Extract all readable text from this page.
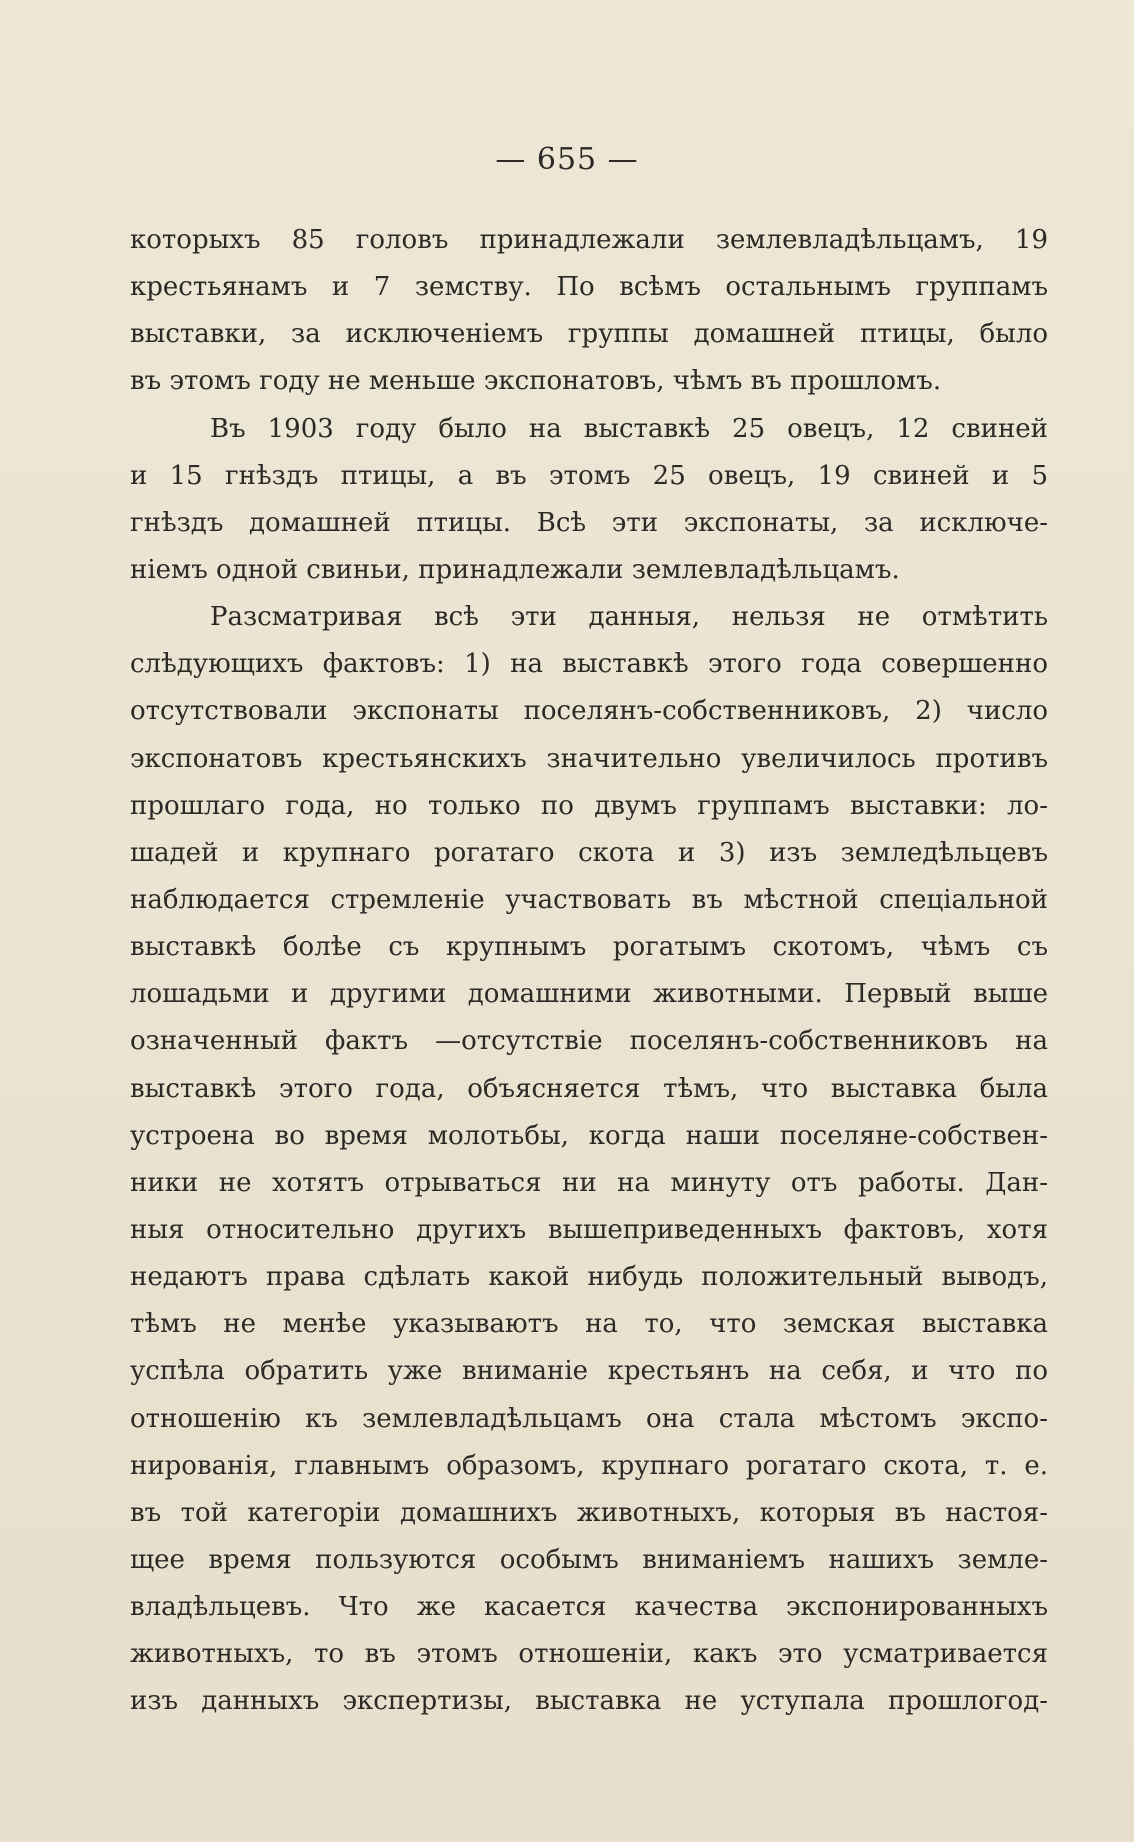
— 655 —
которыхъ 85 головъ принадлежали землевладѣльцамъ, 19
крестьянамъ и 7 земству. По всѣмъ остальнымъ группамъ
выставки, за исключеніемъ группы домашней птицы, было
въ этомъ году не меньше экспонатовъ, чѣмъ въ прошломъ.
Въ 1903 году было на выставкѣ 25 овецъ, 12 свиней
и 15 гнѣздъ птицы, а въ этомъ 25 овецъ, 19 свиней и 5
гнѣздъ домашней птицы. Всѣ эти экспонаты, за исключе-
ніемъ одной свиньи, принадлежали землевладѣльцамъ.
Разсматривая всѣ эти данныя, нельзя не отмѣтить
слѣдующихъ фактовъ: 1) на выставкѣ этого года совершенно
отсутствовали экспонаты поселянъ-собственниковъ, 2) число
экспонатовъ крестьянскихъ значительно увеличилось противъ
прошлаго года, но только по двумъ группамъ выставки: ло-
шадей и крупнаго рогатаго скота и 3) изъ земледѣльцевъ
наблюдается стремленіе участвовать въ мѣстной спеціальной
выставкѣ болѣе съ крупнымъ рогатымъ скотомъ, чѣмъ съ
лошадьми и другими домашними животными. Первый выше
означенный фактъ —отсутствіе поселянъ-собственниковъ на
выставкѣ этого года, объясняется тѣмъ, что выставка была
устроена во время молотьбы, когда наши поселяне-собствен-
ники не хотятъ отрываться ни на минуту отъ работы. Дан-
ныя относительно другихъ вышеприведенныхъ фактовъ, хотя
недаютъ права сдѣлать какой нибудь положительный выводъ,
тѣмъ не менѣе указываютъ на то, что земская выставка
успѣла обратить уже вниманіе крестьянъ на себя, и что по
отношенію къ землевладѣльцамъ она стала мѣстомъ экспо-
нированія, главнымъ образомъ, крупнаго рогатаго скота, т. е.
въ той категоріи домашнихъ животныхъ, которыя въ настоя-
щее время пользуются особымъ вниманіемъ нашихъ земле-
владѣльцевъ. Что же касается качества экспонированныхъ
животныхъ, то въ этомъ отношеніи, какъ это усматривается
изъ данныхъ экспертизы, выставка не уступала прошлогод-
